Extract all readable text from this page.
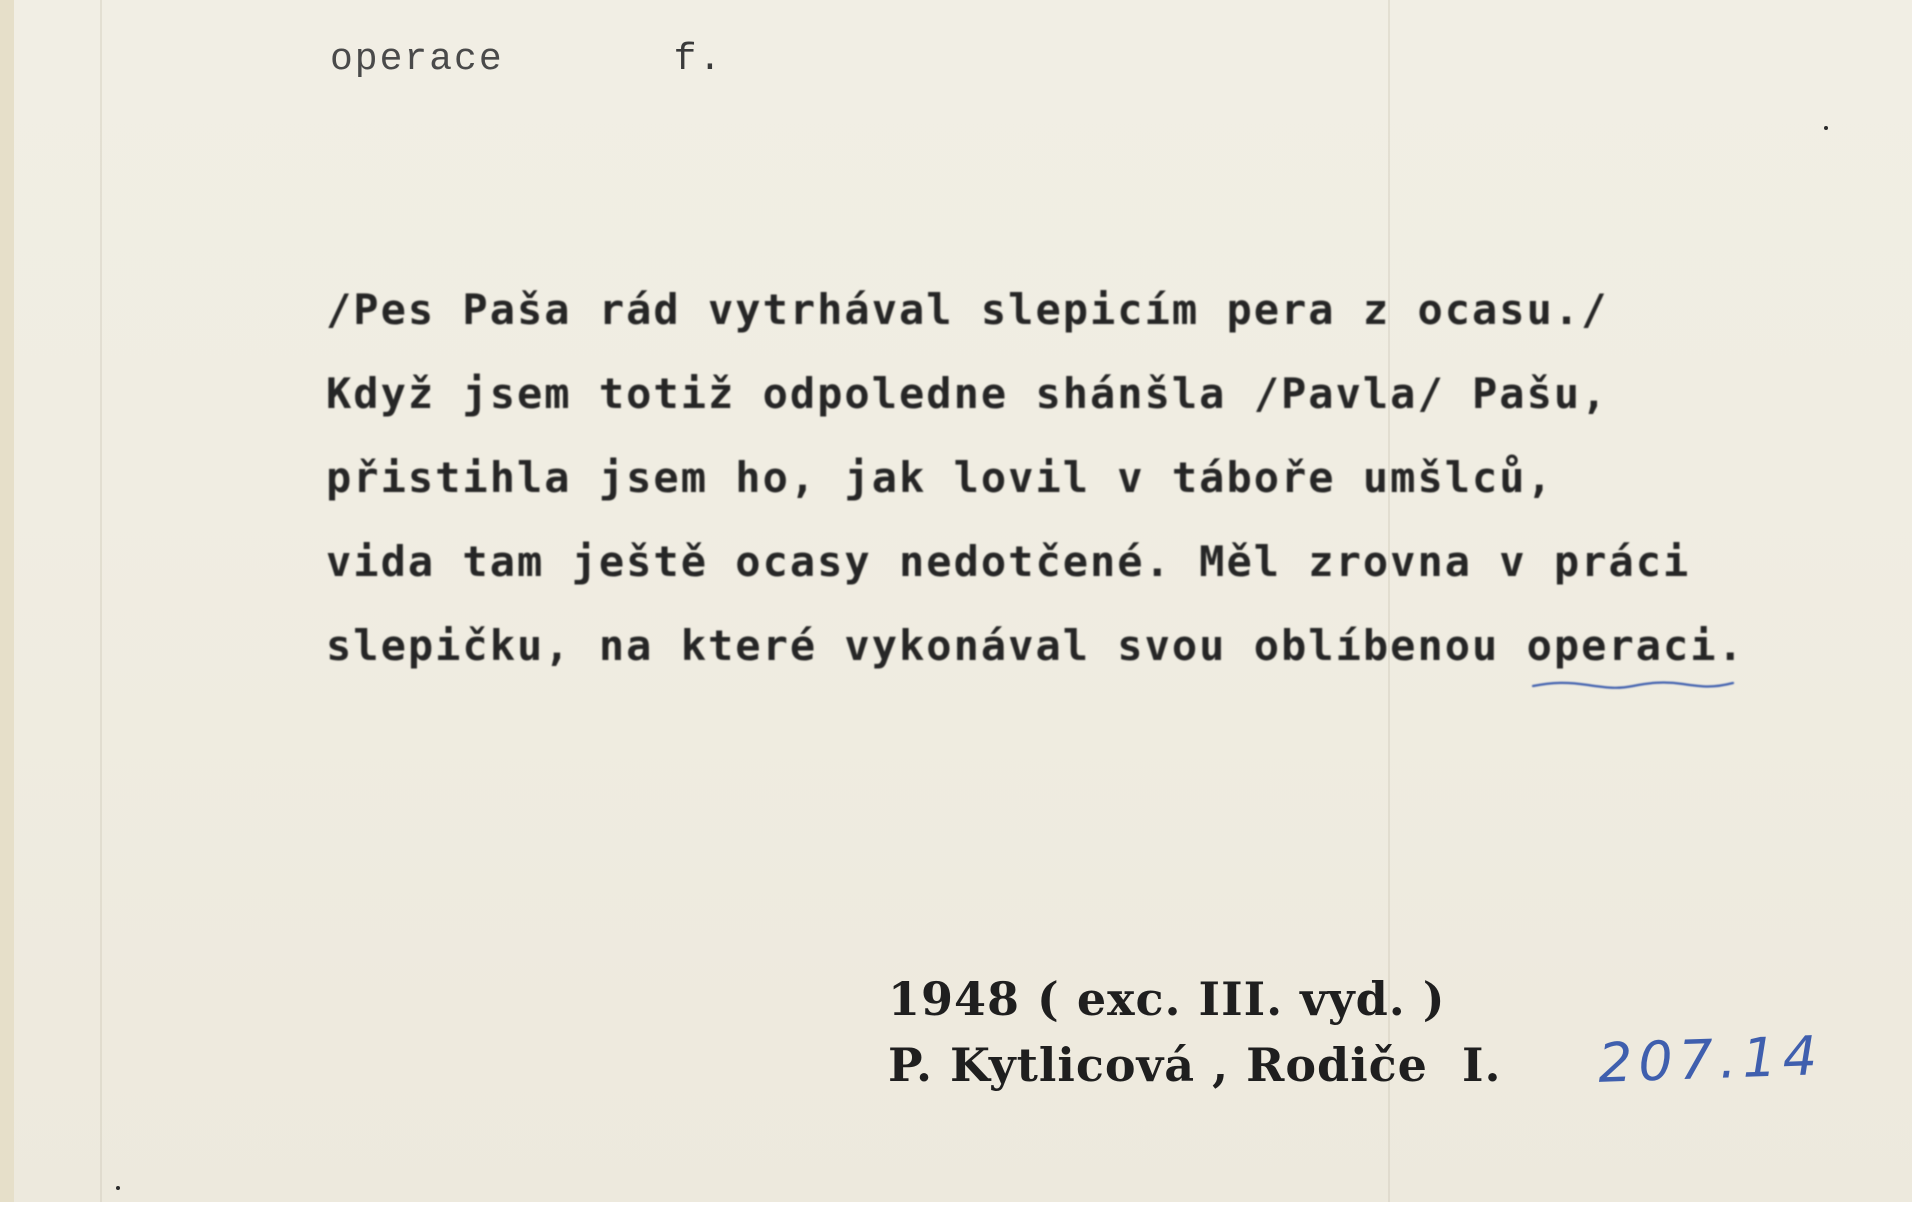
operace	f.
/Pes Paša rád vytrhával slepicím pera z ocasu./
Když jsem totiž odpoledne shánšla /Pavla/ Pašu,
přistihla jsem ho, jak lovil v táboře umšlců,
vida tam ještě ocasy nedotčené. Měl zrovna v práci
slepičku, na které vykonával svou oblíbenou operaci.
1948 ( exc. III. vyd. )
P. Kytlicová , Rodiče  I. 207.14
